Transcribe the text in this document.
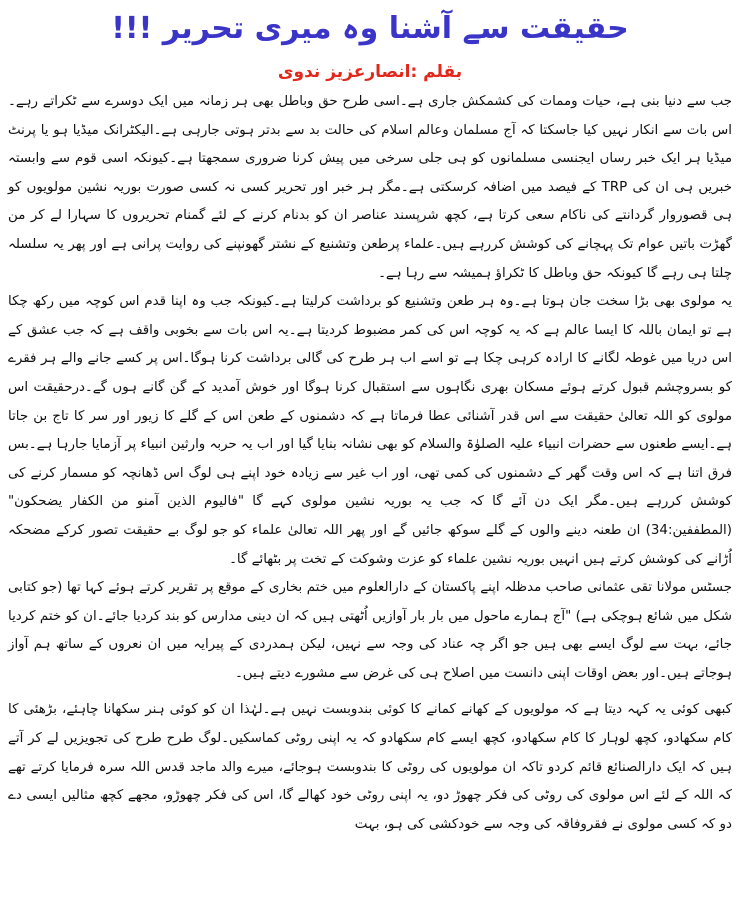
حقیقت سے آشنا وہ میری تحریر !!!
بقلم :انصارعزیز ندوی

جب سے دنیا بنی ہے، حیات وممات کی کشمکش جاری ہے۔اسی طرح حق وباطل بھی ہر زمانہ میں ایک دوسرے سے ٹکراتے رہے۔اس بات سے انکار نہیں کیا جاسکتا کہ آج مسلمان وعالم اسلام کی حالت بد سے بدتر ہوتی جارہی ہے۔الیکٹرانک میڈیا ہو یا پرنٹ میڈیا ہر ایک خبر رساں ایجنسی مسلمانوں کو ہی جلی سرخی میں پیش کرنا ضروری سمجھتا ہے۔کیونکہ اسی قوم سے وابستہ خبریں ہی ان کی TRP کے فیصد میں اضافہ کرسکتی ہے۔مگر ہر خبر اور تحریر کسی نہ کسی صورت بوریہ نشین مولویوں کو ہی قصوروار گردانتے کی ناکام سعی کرتا ہے، کچھ شرپسند عناصر ان کو بدنام کرنے کے لئے گمنام تحریروں کا سہارا لے کر من گھڑت باتیں عوام تک پہچانے کی کوشش کررہے ہیں۔علماء پرطعن وتشنیع کے نشتر گھونپنے کی روایت پرانی ہے اور پھر یہ سلسلہ چلتا ہی رہے گا کیونکہ حق وباطل کا ٹکراؤ ہمیشہ سے رہا ہے۔

یہ مولوی بھی بڑا سخت جان ہوتا ہے۔وہ ہر طعن وتشنیع کو برداشت کرلیتا ہے۔کیونکہ جب وہ اپنا قدم اس کوچہ میں رکھ چکا ہے تو ایمان باللہ کا ایسا عالم ہے کہ یہ کوچہ اس کی کمر مضبوط کردیتا ہے۔یہ اس بات سے بخوبی واقف ہے کہ جب عشق کے اس دریا میں غوطہ لگانے کا ارادہ کرہی چکا ہے تو اسے اب ہر طرح کی گالی برداشت کرنا ہوگا۔اس پر کسے جانے والے ہر فقرے کو بسروچشم قبول کرتے ہوئے مسکان بھری نگاہوں سے استقبال کرنا ہوگا اور خوش آمدید کے گن گانے ہوں گے۔درحقیقت اس مولوی کو اللہ تعالیٰ حقیقت سے اس قدر آشنائی عطا فرماتا ہے کہ دشمنوں کے طعن اس کے گلے کا زیور اور سر کا تاج بن جاتا ہے۔ایسے طعنوں سے حضرات انبیاء علیہ الصلوٰۃ والسلام کو بھی نشانہ بنایا گیا اور اب یہ حربہ وارثین انبیاء پر آزمایا جارہا ہے۔بس فرق اتنا ہے کہ اس وقت گھر کے دشمنوں کی کمی تھی، اور اب غیر سے زیادہ خود اپنے ہی لوگ اس ڈھانچہ کو مسمار کرنے کی کوشش کررہے ہیں۔مگر ایک دن آئے گا کہ جب یہ بوریہ نشین مولوی کہے گا "فالیوم الذین آمنو من الکفار یضحکون" (المطففین:34) ان طعنہ دینے والوں کے گلے سوکھ جائیں گے اور پھر اللہ تعالیٰ علماء کو جو لوگ بے حقیقت تصور کرکے مضحکہ اُڑانے کی کوشش کرتے ہیں انہیں بوریہ نشین علماء کو عزت وشوکت کے تخت پر بٹھائے گا۔

جسٹس مولانا تقی عثمانی صاحب مدظلہ اپنے پاکستان کے دارالعلوم میں ختم بخاری کے موقع پر تقریر کرتے ہوئے کہا تھا (جو کتابی شکل میں شائع ہوچکی ہے) "آج ہمارے ماحول میں بار بار آوازیں اُٹھتی ہیں کہ ان دینی مدارس کو بند کردیا جائے۔ان کو ختم کردیا جائے، بہت سے لوگ ایسے بھی ہیں جو اگر چہ عناد کی وجہ سے نہیں، لیکن ہمدردی کے پیرایہ میں ان نعروں کے ساتھ ہم آواز ہوجاتے ہیں۔اور بعض اوقات اپنی دانست میں اصلاح ہی کی غرض سے مشورے دیتے ہیں۔

کبھی کوئی یہ کہہ دیتا ہے کہ مولویوں کے کھانے کمانے کا کوئی بندوبست نہیں ہے۔لہٰذا ان کو کوئی ہنر سکھانا چاہئے، بڑھئی کا کام سکھادو، کچھ لوہار کا کام سکھادو، کچھ ایسے کام سکھادو کہ یہ اپنی روٹی کماسکیں۔لوگ طرح طرح کی تجویزیں لے کر آتے ہیں کہ ایک دارالصنائع قائم کردو تاکہ ان مولویوں کی روٹی کا بندوبست ہوجائے، میرے والد ماجد قدس اللہ سرہ فرمایا کرتے تھے کہ اللہ کے لئے اس مولوی کی روٹی کی فکر چھوڑ دو، یہ اپنی روٹی خود کھالے گا، اس کی فکر چھوڑو، مجھے کچھ مثالیں ایسی دے دو کہ کسی مولوی نے فقروفاقہ کی وجہ سے خودکشی کی ہو، بہت
